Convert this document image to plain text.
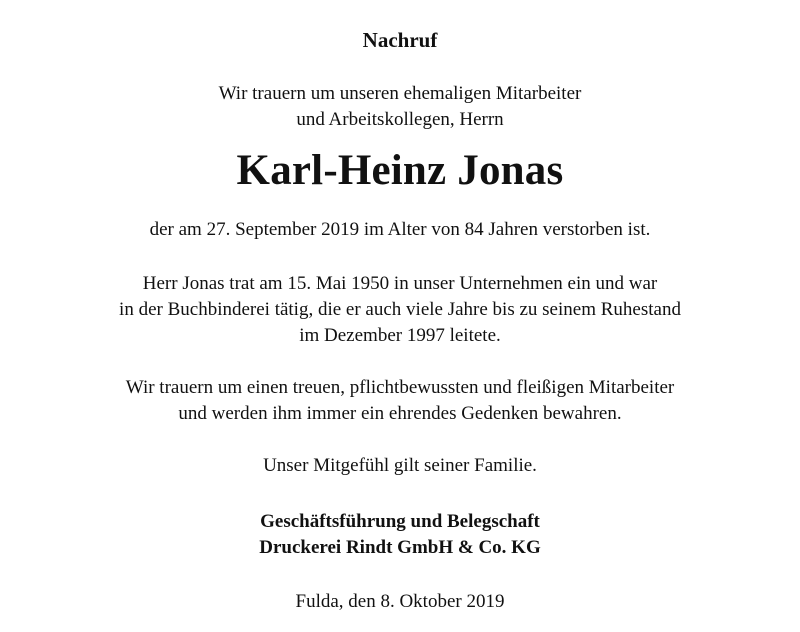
Nachruf
Wir trauern um unseren ehemaligen Mitarbeiter
und Arbeitskollegen, Herrn
Karl-Heinz Jonas
der am 27. September 2019 im Alter von 84 Jahren verstorben ist.
Herr Jonas trat am 15. Mai 1950 in unser Unternehmen ein und war
in der Buchbinderei tätig, die er auch viele Jahre bis zu seinem Ruhestand
im Dezember 1997 leitete.
Wir trauern um einen treuen, pflichtbewussten und fleißigen Mitarbeiter
und werden ihm immer ein ehrendes Gedenken bewahren.
Unser Mitgefühl gilt seiner Familie.
Geschäftsführung und Belegschaft
Druckerei Rindt GmbH & Co. KG
Fulda, den 8. Oktober 2019
